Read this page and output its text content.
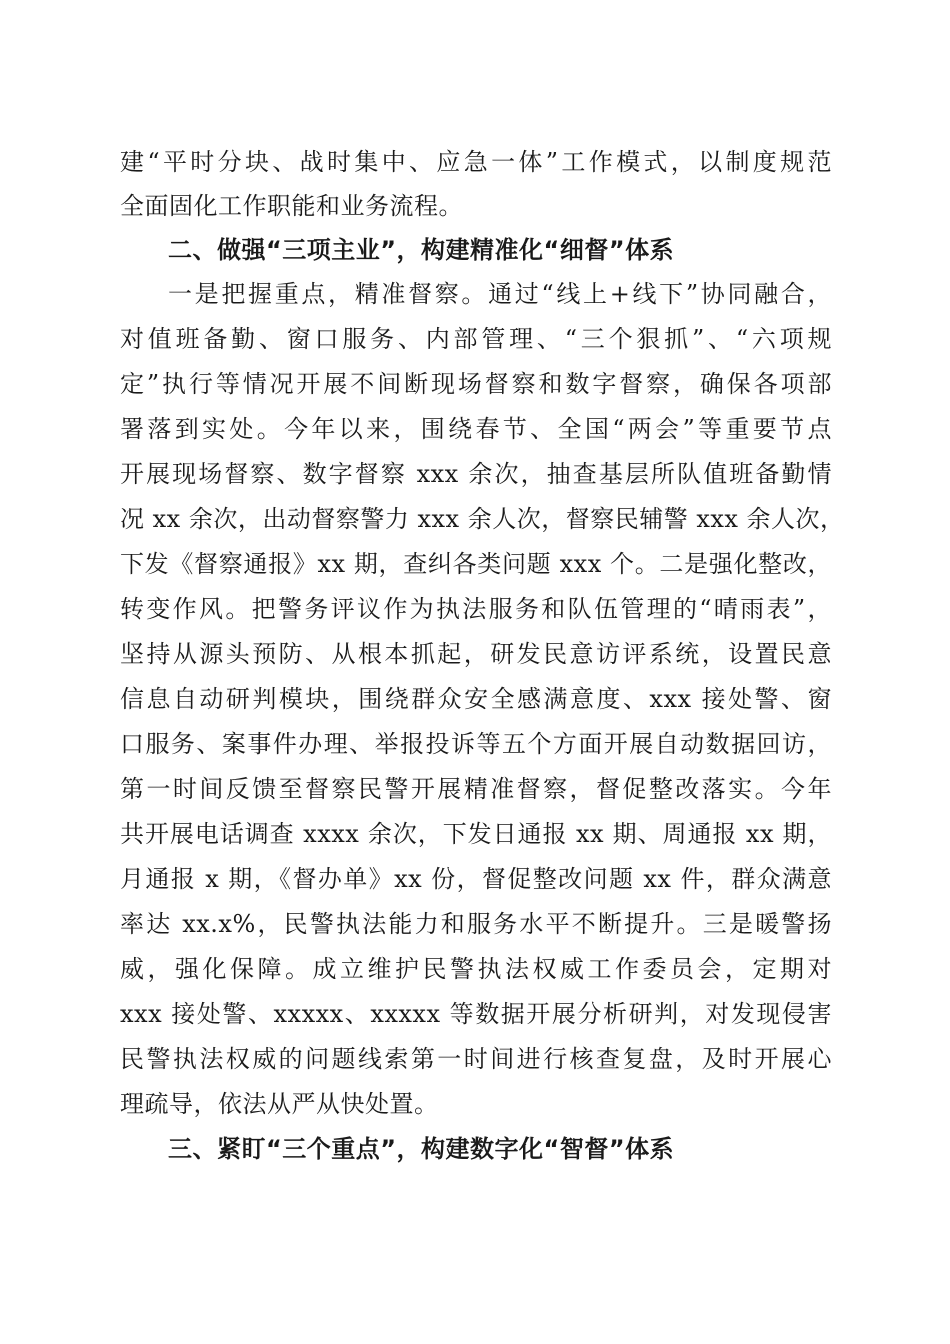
建“平时分块、战时集中、应急一体”工作模式，以制度规范
全面固化工作职能和业务流程。
二、做强“三项主业”，构建精准化“细督”体系
一是把握重点，精准督察。通过“线上+线下”协同融合，
对值班备勤、窗口服务、内部管理、“三个狠抓”、“六项规
定”执行等情况开展不间断现场督察和数字督察，确保各项部
署落到实处。今年以来，围绕春节、全国“两会”等重要节点
开展现场督察、数字督察 xxx 余次，抽查基层所队值班备勤情
况 xx 余次，出动督察警力 xxx 余人次，督察民辅警 xxx 余人次，
下发《督察通报》xx 期，查纠各类问题 xxx 个。二是强化整改，
转变作风。把警务评议作为执法服务和队伍管理的“晴雨表”，
坚持从源头预防、从根本抓起，研发民意访评系统，设置民意
信息自动研判模块，围绕群众安全感满意度、xxx 接处警、窗
口服务、案事件办理、举报投诉等五个方面开展自动数据回访，
第一时间反馈至督察民警开展精准督察，督促整改落实。今年
共开展电话调查 xxxx 余次，下发日通报 xx 期、周通报 xx 期，
月通报 x 期，《督办单》xx 份，督促整改问题 xx 件，群众满意
率达 xx.x%，民警执法能力和服务水平不断提升。三是暖警扬
威，强化保障。成立维护民警执法权威工作委员会，定期对
xxx 接处警、xxxxx、xxxxx 等数据开展分析研判，对发现侵害
民警执法权威的问题线索第一时间进行核查复盘，及时开展心
理疏导，依法从严从快处置。
三、紧盯“三个重点”，构建数字化“智督”体系
